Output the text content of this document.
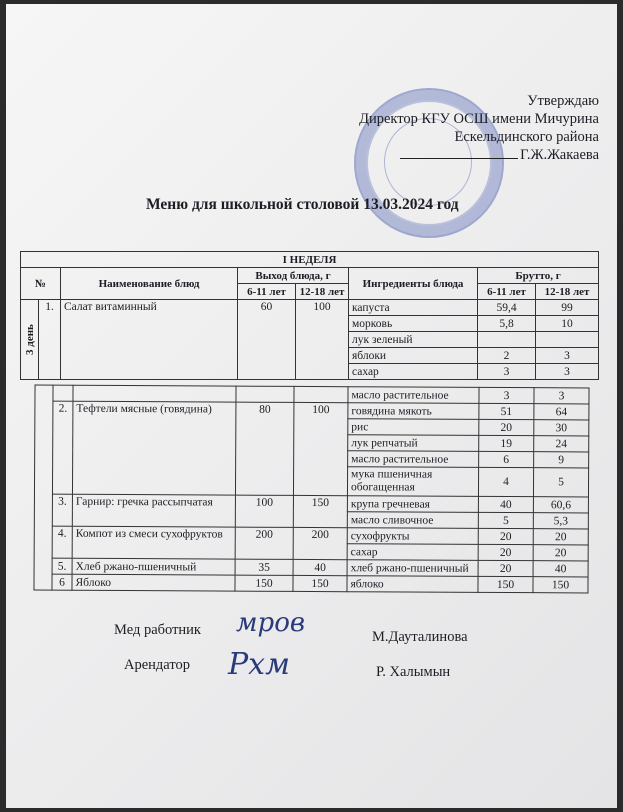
Утверждаю
Директор КГУ ОСШ имени Мичурина
Ескельдинского района
Г.Ж.Жакаева
Меню для школьной столовой 13.03.2024 год
I НЕДЕЛЯ							
№		Наименование блюд	Выход блюда, г		Ингредиенты блюда	Брутто, г	
			6-11 лет	12-18 лет		6-11 лет	12-18 лет
3 день	1.	Салат витаминный	60	100	капуста	59,4	99
					морковь	5,8	10
					лук зеленый		
					яблоки	2	3
					сахар	3	3
					масло растительное	3	3
	2.	Тефтели мясные (говядина)	80	100	говядина мякоть	51	64
					рис	20	30
					лук репчатый	19	24
					масло растительное	6	9
					мука пшеничная обогащенная	4	5
	3.	Гарнир: гречка рассыпчатая	100	150	крупа гречневая	40	60,6
					масло сливочное	5	5,3
	4.	Компот из смеси сухофруктов	200	200	сухофрукты	20	20
					сахар	20	20
	5.	Хлеб ржано-пшеничный	35	40	хлеб ржано-пшеничный	20	40
	6	Яблоко	150	150	яблоко	150	150
Мед работник мров	М.Дауталинова
Арендатор Рхм	Р. Халымын
